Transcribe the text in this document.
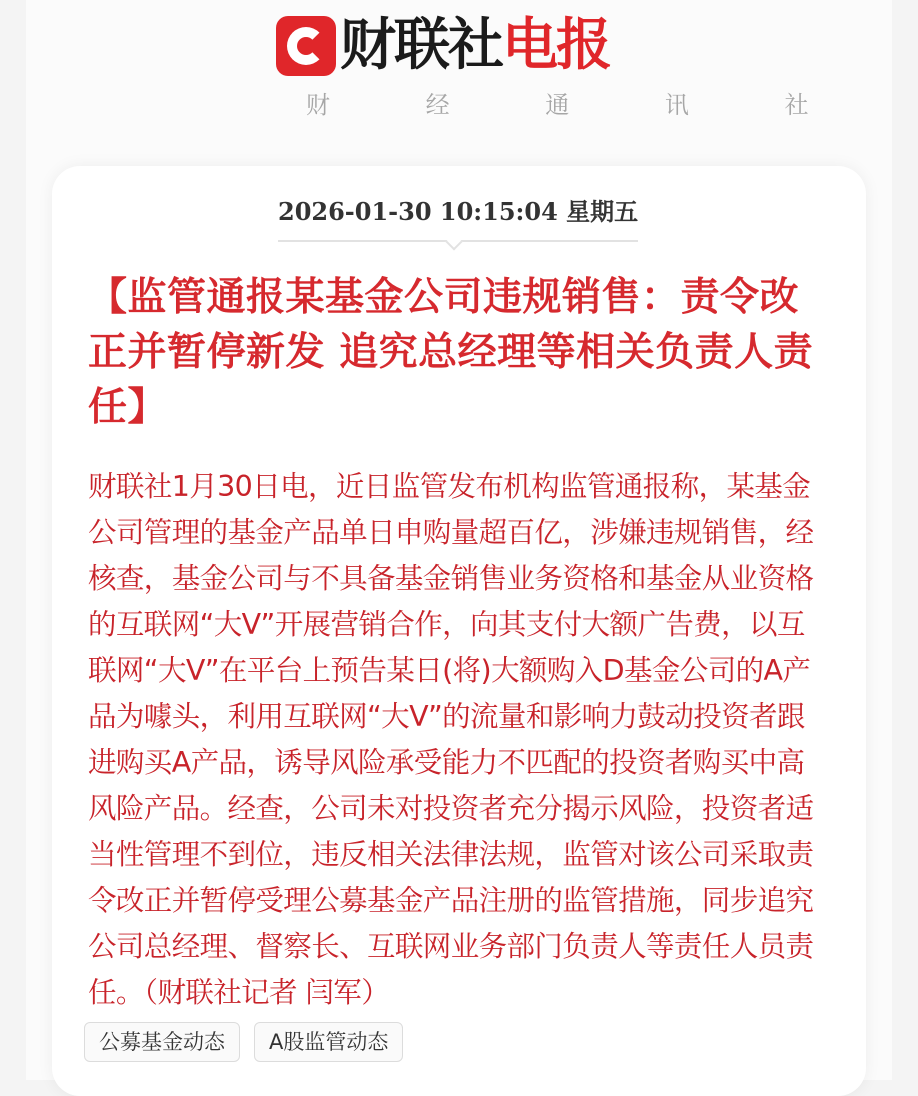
财联社 电报
财 经 通 讯 社
2026-01-30 10:15:04 星期五
【监管通报某基金公司违规销售：责令改正并暂停新发 追究总经理等相关负责人责任】

财联社1月30日电，近日监管发布机构监管通报称，某基金公司管理的基金产品单日申购量超百亿，涉嫌违规销售，经核查，基金公司与不具备基金销售业务资格和基金从业资格的互联网“大V”开展营销合作，向其支付大额广告费，以互联网“大V”在平台上预告某日(将)大额购入D基金公司的A产品为噱头，利用互联网“大V”的流量和影响力鼓动投资者跟进购买A产品，诱导风险承受能力不匹配的投资者购买中高风险产品。经查，公司未对投资者充分揭示风险，投资者适当性管理不到位，违反相关法律法规，监管对该公司采取责令改正并暂停受理公募基金产品注册的监管措施，同步追究公司总经理、督察长、互联网业务部门负责人等责任人员责任。（财联社记者 闫军）

公募基金动态	A股监管动态
